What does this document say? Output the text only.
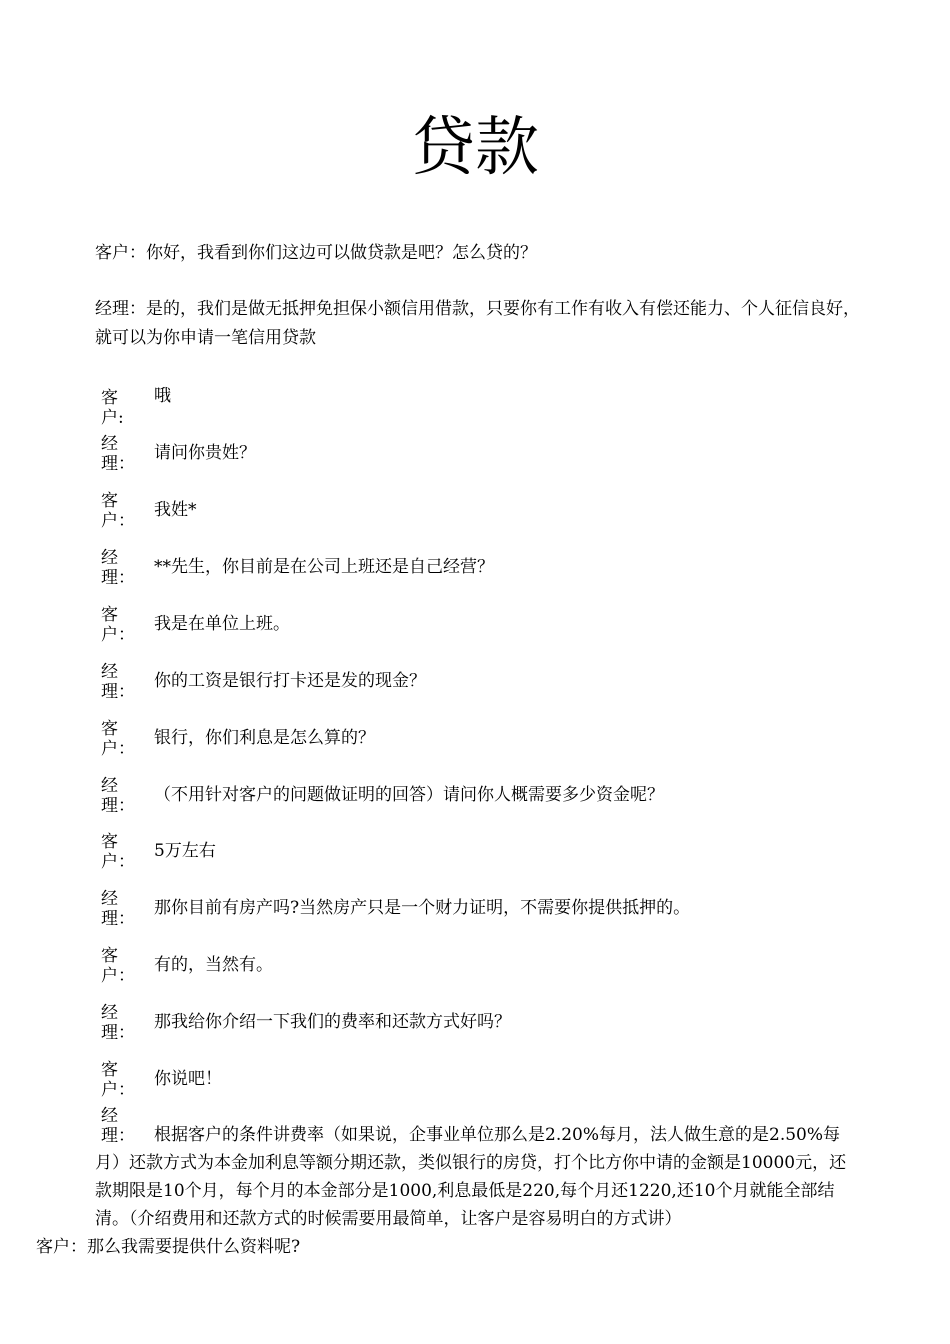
贷款
客户：你好，我看到你们这边可以做贷款是吧？怎么贷的？
经理：是的，我们是做无抵押免担保小额信用借款，只要你有工作有收入有偿还能力、个人征信良好，就可以为你申请一笔信用贷款
客户:
哦
经理：
请问你贵姓？
客户：
我姓*
经理：
**先生，你目前是在公司上班还是自己经营？
客户：
我是在单位上班。
经理：
你的工资是银行打卡还是发的现金？
客户：
银行，你们利息是怎么算的？
经理：
（不用针对客户的问题做证明的回答）请问你人概需要多少资金呢？
客户：
5万左右
经理：
那你目前有房产吗?当然房产只是一个财力证明，不需要你提供抵押的。
客户：
有的，当然有。
经理：
那我给你介绍一下我们的费率和还款方式好吗？
客户：
你说吧！
经理：	根据客户的条件讲费率（如果说，企事业单位那么是2.20%每月，法人做生意的是2.50%每月）还款方式为本金加利息等额分期还款，类似银行的房贷，打个比方你中请的金额是10000元，还款期限是10个月，每个月的本金部分是1000,利息最低是220,每个月还1220,还10个月就能全部结清。（介绍费用和还款方式的时候需要用最简单，让客户是容易明白的方式讲）
客户：那么我需要提供什么资料呢?
